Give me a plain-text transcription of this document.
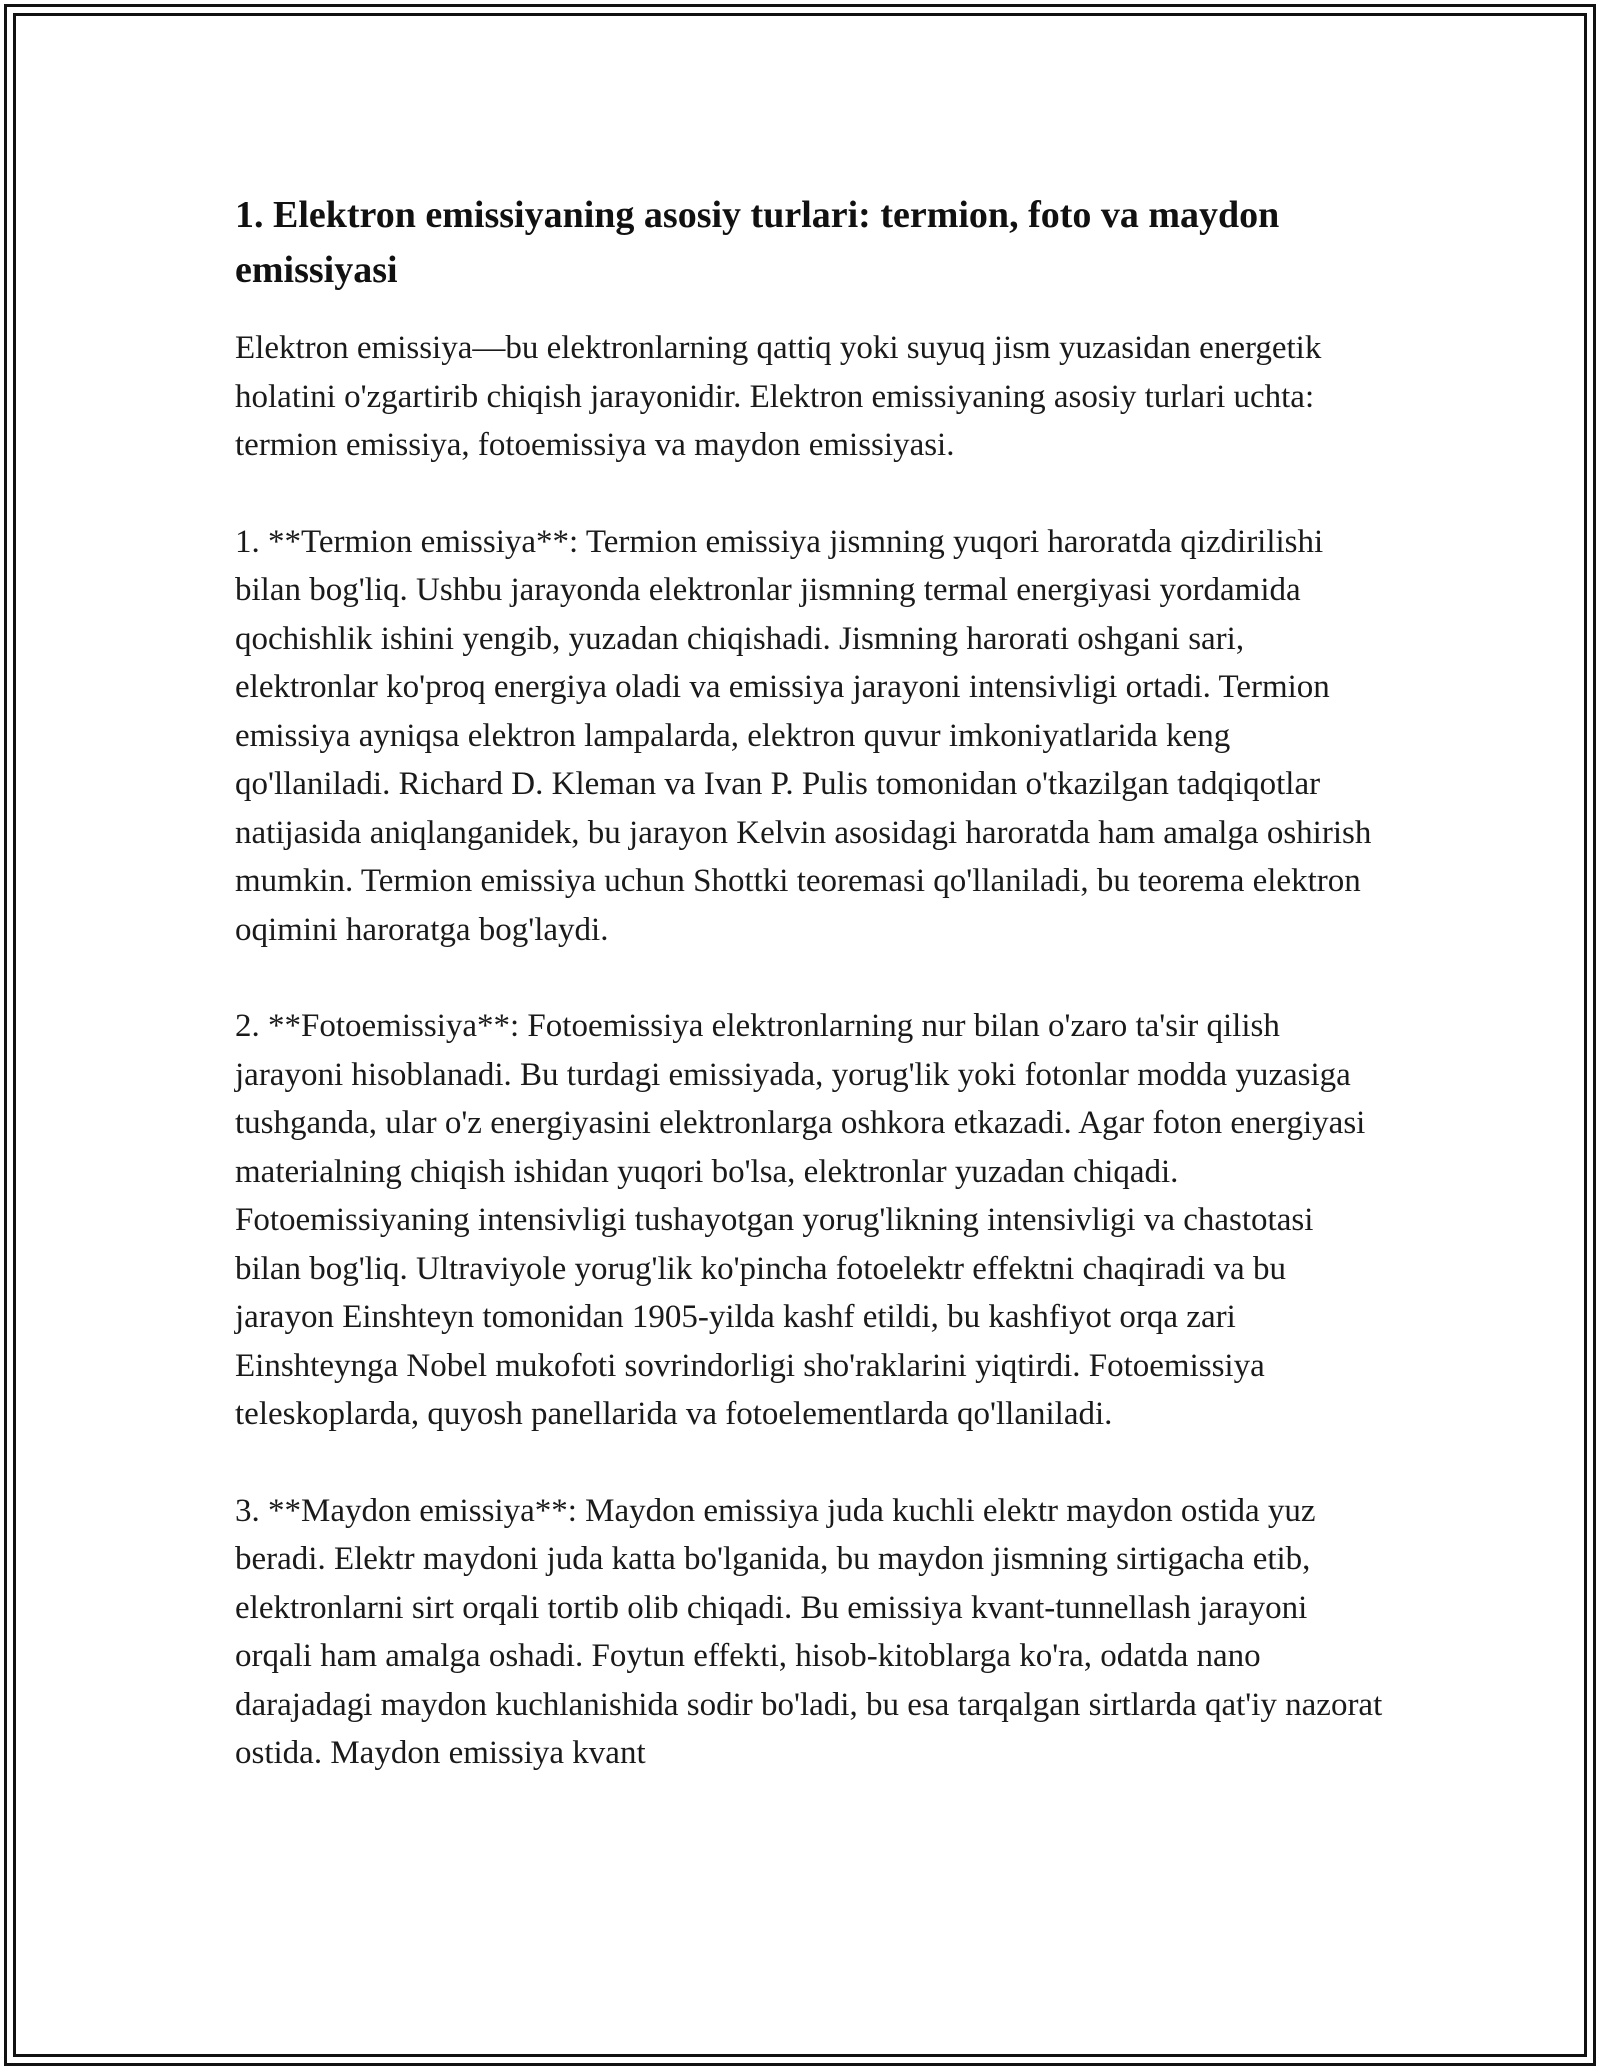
1. Elektron emissiyaning asosiy turlari: termion, foto va maydon emissiyasi

Elektron emissiya—bu elektronlarning qattiq yoki suyuq jism yuzasidan energetik holatini o'zgartirib chiqish jarayonidir. Elektron emissiyaning asosiy turlari uchta: termion emissiya, fotoemissiya va maydon emissiyasi.

1. **Termion emissiya**: Termion emissiya jismning yuqori haroratda qizdirilishi bilan bog'liq. Ushbu jarayonda elektronlar jismning termal energiyasi yordamida qochishlik ishini yengib, yuzadan chiqishadi. Jismning harorati oshgani sari, elektronlar ko'proq energiya oladi va emissiya jarayoni intensivligi ortadi. Termion emissiya ayniqsa elektron lampalarda, elektron quvur imkoniyatlarida keng qo'llaniladi. Richard D. Kleman va Ivan P. Pulis tomonidan o'tkazilgan tadqiqotlar natijasida aniqlanganidek, bu jarayon Kelvin asosidagi haroratda ham amalga oshirish mumkin. Termion emissiya uchun Shottki teoremasi qo'llaniladi, bu teorema elektron oqimini haroratga bog'laydi.

2. **Fotoemissiya**: Fotoemissiya elektronlarning nur bilan o'zaro ta'sir qilish jarayoni hisoblanadi. Bu turdagi emissiyada, yorug'lik yoki fotonlar modda yuzasiga tushganda, ular o'z energiyasini elektronlarga oshkora etkazadi. Agar foton energiyasi materialning chiqish ishidan yuqori bo'lsa, elektronlar yuzadan chiqadi. Fotoemissiyaning intensivligi tushayotgan yorug'likning intensivligi va chastotasi bilan bog'liq. Ultraviyole yorug'lik ko'pincha fotoelektr effektni chaqiradi va bu jarayon Einshteyn tomonidan 1905-yilda kashf etildi, bu kashfiyot orqa zari Einshteynga Nobel mukofoti sovrindorligi sho'raklarini yiqtirdi. Fotoemissiya teleskoplarda, quyosh panellarida va fotoelementlarda qo'llaniladi.

3. **Maydon emissiya**: Maydon emissiya juda kuchli elektr maydon ostida yuz beradi. Elektr maydoni juda katta bo'lganida, bu maydon jismning sirtigacha etib, elektronlarni sirt orqali tortib olib chiqadi. Bu emissiya kvant-tunnellash jarayoni orqali ham amalga oshadi. Foytun effekti, hisob-kitoblarga ko'ra, odatda nano darajadagi maydon kuchlanishida sodir bo'ladi, bu esa tarqalgan sirtlarda qat'iy nazorat ostida. Maydon emissiya kvant
